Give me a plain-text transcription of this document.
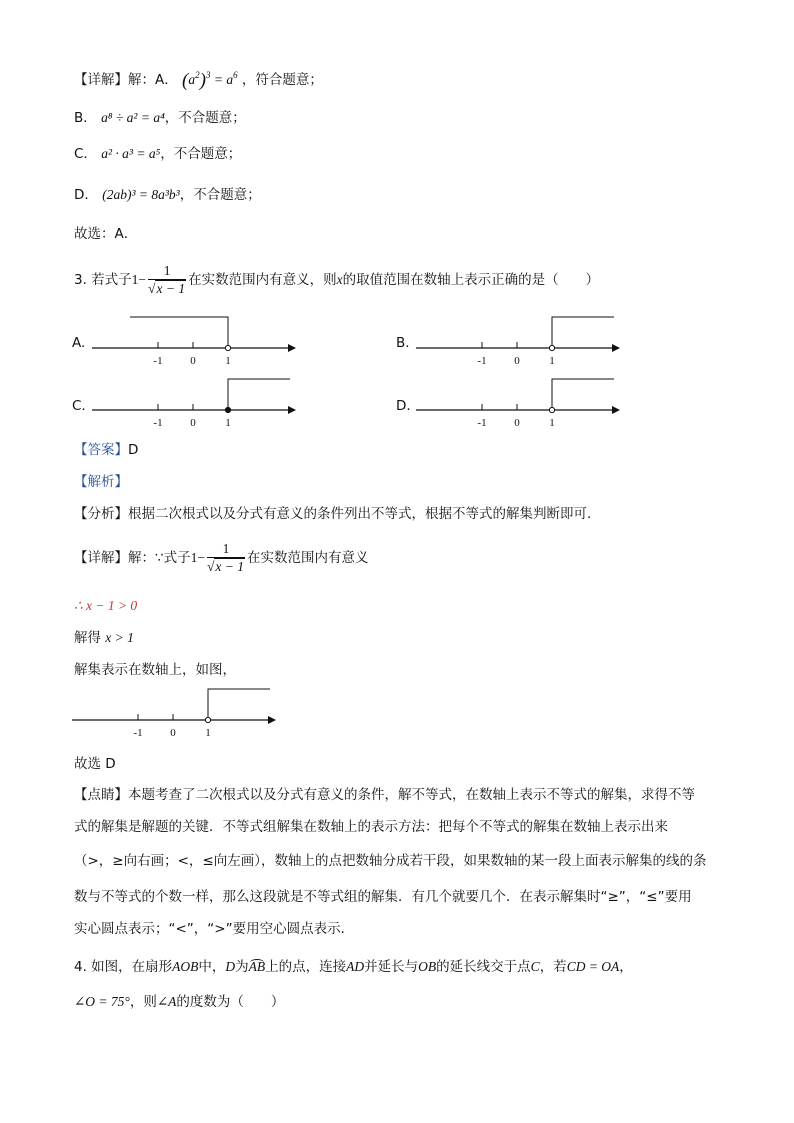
【详解】解：A． $(a^2)^3 = a^6$ ，符合题意；
B． a⁸ ÷ a² = a⁴，不合题意；
C． a² · a³ = a⁵，不合题意；
D． (2ab)³ = 8a³b³，不合题意；
故选：A．
3. 若式子$1- \frac{1}{√x - 1}$ 在实数范围内有意义，则x的取值范围在数轴上表示正确的是（　　）
A.	B.
C.	D.
-1	0	1	-1	0	1
-1	0	1	-1	0	1
【答案】D
【解析】
【分析】根据二次根式以及分式有意义的条件列出不等式，根据不等式的解集判断即可．
【详解】解：∵式子$1- \frac{1}{√x - 1}$ 在实数范围内有意义
∴ x − 1 > 0
解得 x > 1
解集表示在数轴上，如图，
-1	0	1
故选 D
【点睛】本题考查了二次根式以及分式有意义的条件，解不等式，在数轴上表示不等式的解集，求得不等
式的解集是解题的关键．不等式组解集在数轴上的表示方法：把每个不等式的解集在数轴上表示出来
（>，≥向右画；<，≤向左画），数轴上的点把数轴分成若干段，如果数轴的某一段上面表示解集的线的条
数与不等式的个数一样，那么这段就是不等式组的解集．有几个就要几个．在表示解集时“≥”，“≤”要用
实心圆点表示；“<”，“>”要用空心圆点表示．
4. 如图，在扇形AOB中，D为
AB上的点，连接AD并延长与OB的延长线交于点C，若CD = OA，
∠O = 75°，则∠A的度数为（　　）
